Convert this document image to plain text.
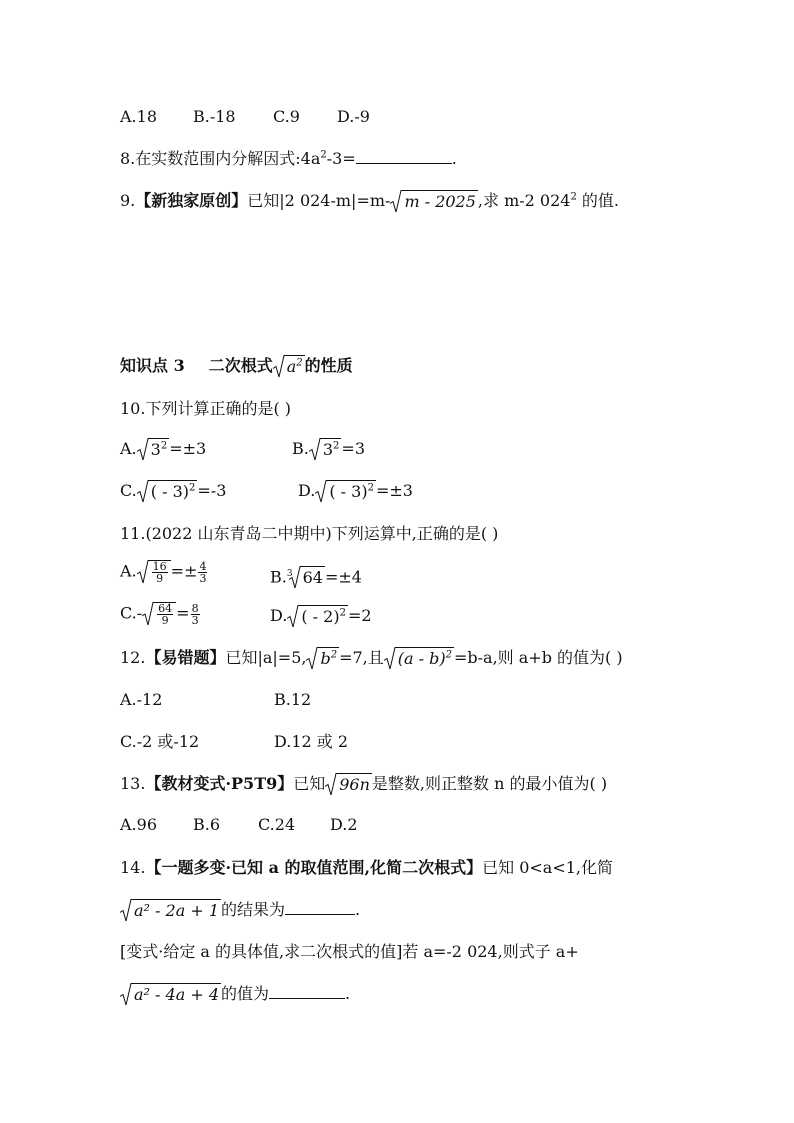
A.18 B.-18 C.9 D.-9
8.在实数范围内分解因式$:4a^2-3=$	.
9.【新独家原创】已知|2 024-m|=m- m - 2025 ,求 m-2 $024^2$ 的值.
知识点 3 二次根式 $a^2$ 的性质
10.下列计算正确的是( )
A. $3^2 =\pm 3$	B. $3^2 =3$
C. ( - 3)$^2$ =-3	D. ( - 3)$^2$ =±3
11.(2022 山东青岛二中期中)下列运算中,正确的是( )
A. $\frac{16}{9} =\pm \frac{4}{3}$	B.$^3$ 64 =±4
$C.- \frac{64}{9} = \frac{8}{3}$	D. ( - 2)$^2$ =2
12.【易错题】已知|a|=5, $b^2 =7$,且 (a - b)$^2$ =b-a,则 a+b 的值为( )
A.-12	B.12
C.-2 或-12	D.12 或 2
13.【教材变式·P5T9】已知 96n 是整数,则正整数 n 的最小值为( )
A.96 B.6 C.24 D.2
14.【一题多变·已知 a 的取值范围,化简二次根式】已知 0<a<1,化简
a² - 2a + 1 的结果为	.
[变式·给定 a 的具体值,求二次根式的值]若 a=-2 024,则式子 a+
a² - 4a + 4 的值为	.
